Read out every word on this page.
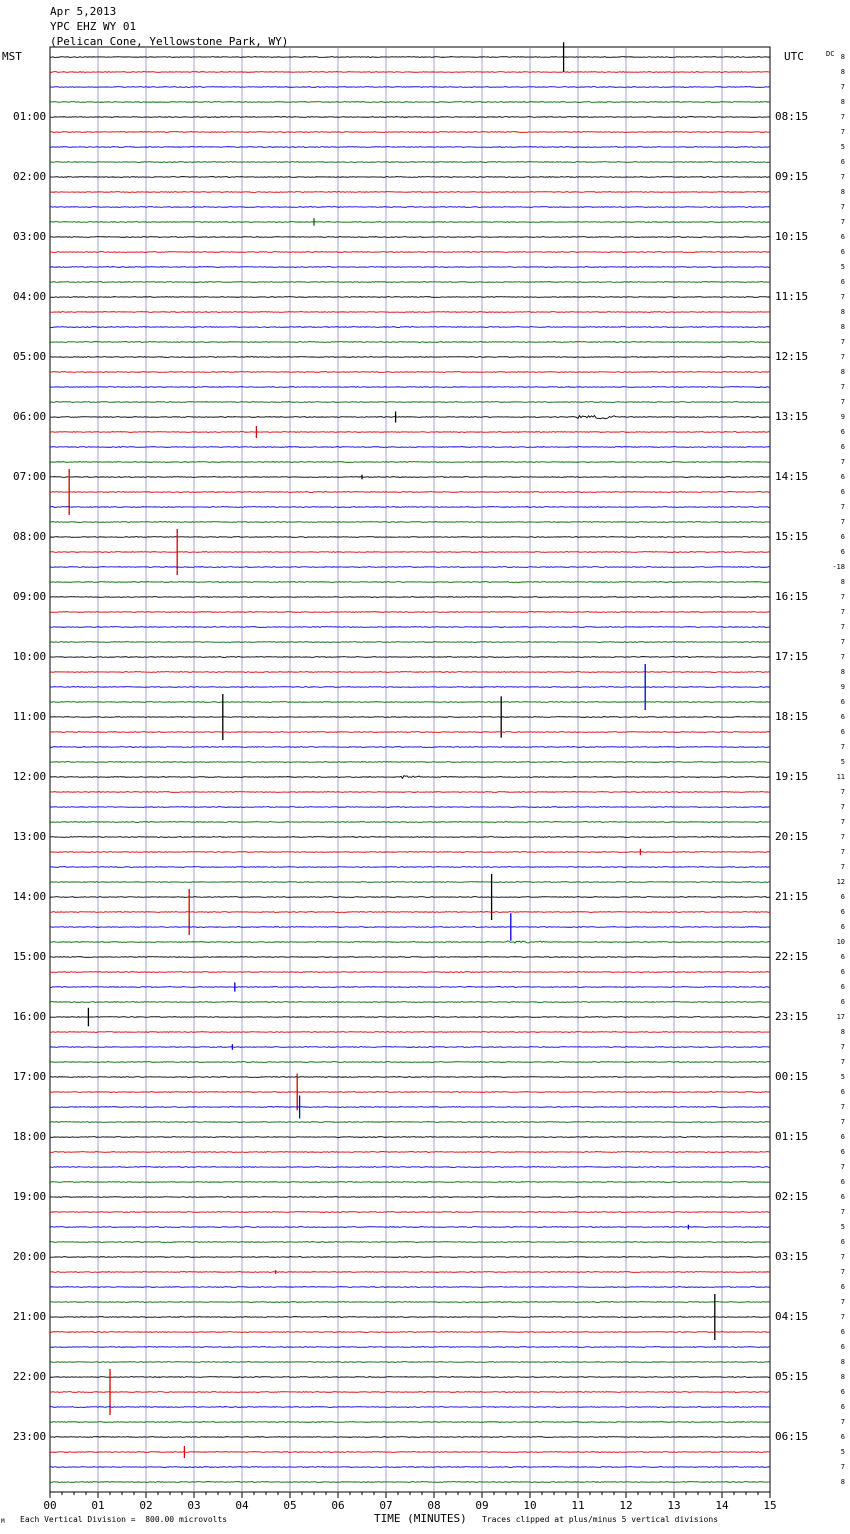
Apr 5,2013
YPC EHZ WY 01
(Pelican Cone, Yellowstone Park, WY)
MST	UTC	DC
00	01	02	03	04	05	06	07	08	09	10	11	12	13	14	15
01:00
02:00
03:00
04:00
05:00
06:00
07:00
08:00
09:00
10:00
11:00
12:00
13:00
14:00
15:00
16:00
17:00
18:00
19:00
20:00
21:00
22:00
23:00
08:15
09:15
10:15
11:15
12:15
13:15
14:15
15:15
16:15
17:15
18:15
19:15
20:15
21:15
22:15
23:15
00:15
01:15
02:15
03:15
04:15
05:15
06:15
8
8
7
8
7
7
5
6
7
8
7
7
6
6
5
6
7
8
8
7
7
8
7
7
9
6
6
7
6
6
7
7
6
6
-18
8
7
7
7
7
7
8
9
6
6
6
7
5
11
7
7
7
7
7
7
12
6
6
6
10
6
6
6
6
17
8
7
7
5
6
7
7
6
6
7
6
6
7
5
6
7
7
6
7
7
6
6
8
8
6
6
7
6
5
7
8
M Each Vertical Division =  800.00 microvolts	TIME (MINUTES) Traces clipped at plus/minus 5 vertical divisions
